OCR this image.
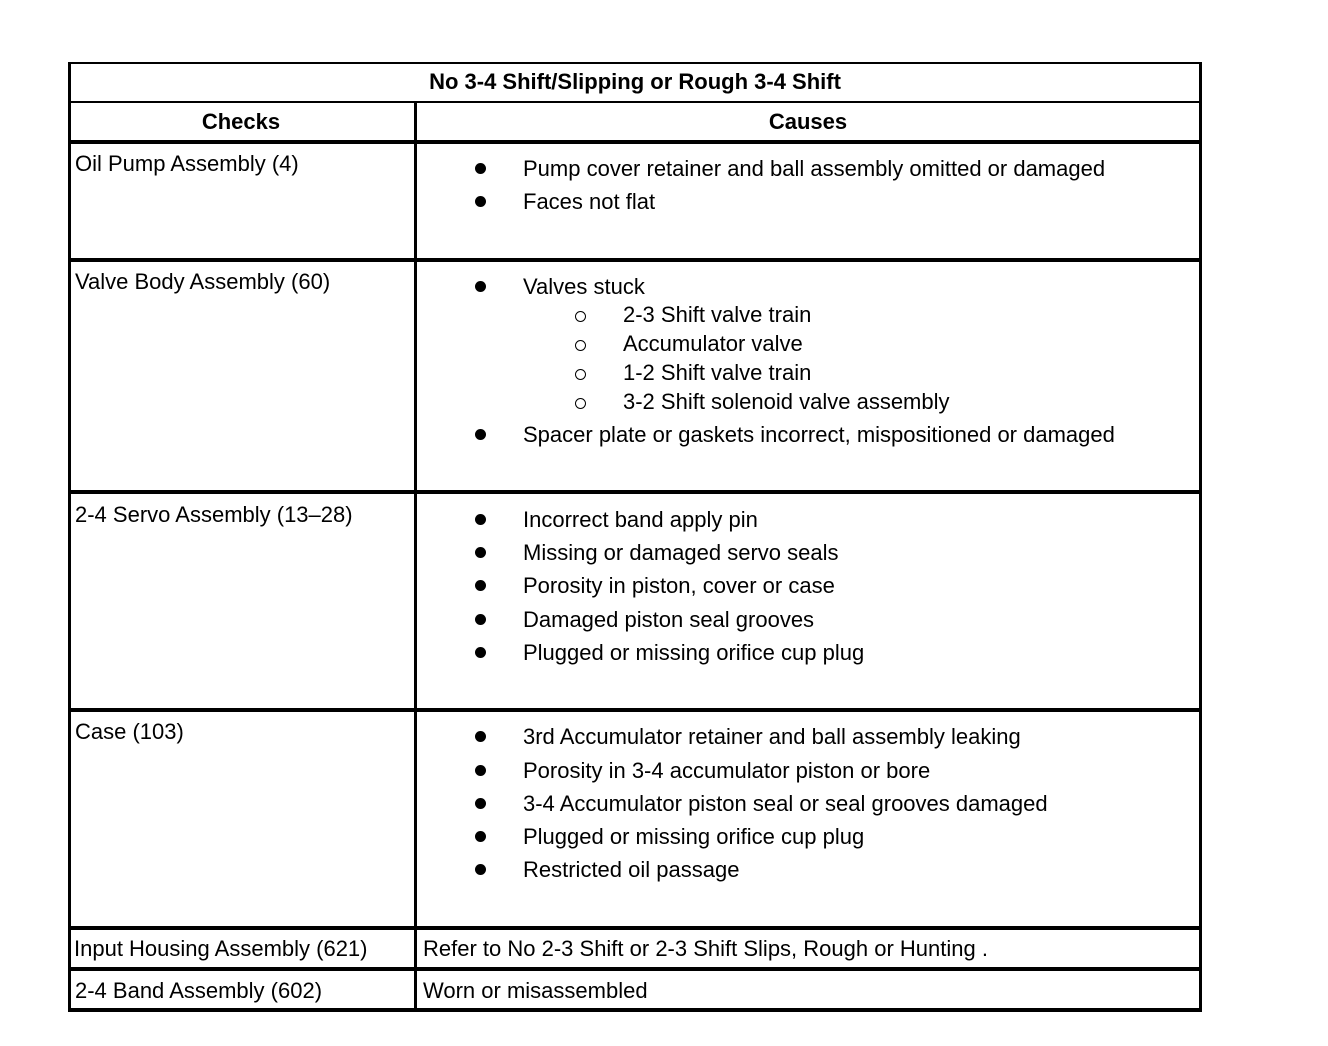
No 3-4 Shift/Slipping or Rough 3-4 Shift
Checks	Causes
Oil Pump Assembly (4)	Pump cover retainer and ball assembly omitted or damaged
Faces not flat
Valve Body Assembly (60)	Valves stuck
2-3 Shift valve train
Accumulator valve
1-2 Shift valve train
3-2 Shift solenoid valve assembly
Spacer plate or gaskets incorrect, mispositioned or damaged
2-4 Servo Assembly (13–28)	Incorrect band apply pin
Missing or damaged servo seals
Porosity in piston, cover or case
Damaged piston seal grooves
Plugged or missing orifice cup plug
Case (103)	3rd Accumulator retainer and ball assembly leaking
Porosity in 3-4 accumulator piston or bore
3-4 Accumulator piston seal or seal grooves damaged
Plugged or missing orifice cup plug
Restricted oil passage
Input Housing Assembly (621)	Refer to No 2-3 Shift or 2-3 Shift Slips, Rough or Hunting .
2-4 Band Assembly (602)	Worn or misassembled
